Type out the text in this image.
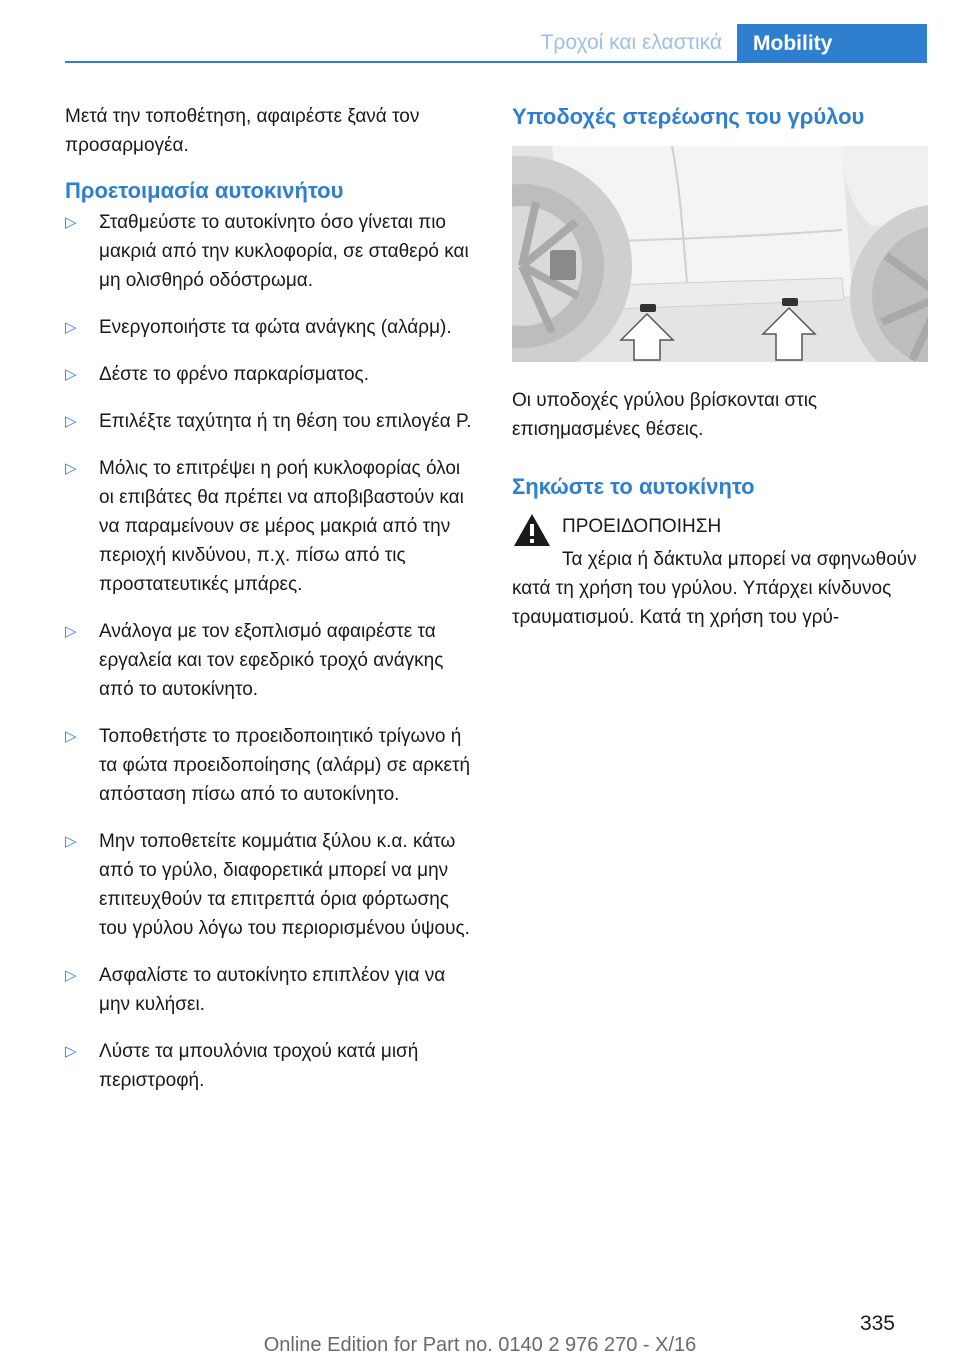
Τροχοί και ελαστικά	Mobility

Μετά την τοποθέτηση, αφαιρέστε ξανά τον προσαρμογέα.

Προετοιμασία αυτοκινήτου
▷ Σταθμεύστε το αυτοκίνητο όσο γίνεται πιο μακριά από την κυκλοφορία, σε σταθερό και μη ολισθηρό οδόστρωμα.
▷ Ενεργοποιήστε τα φώτα ανάγκης (αλάρμ).
▷ Δέστε το φρένο παρκαρίσματος.
▷ Επιλέξτε ταχύτητα ή τη θέση του επιλογέα P.
▷ Μόλις το επιτρέψει η ροή κυκλοφορίας όλοι οι επιβάτες θα πρέπει να αποβιβαστούν και να παραμείνουν σε μέρος μακριά από την περιοχή κινδύνου, π.χ. πίσω από τις προστατευτικές μπάρες.
▷ Ανάλογα με τον εξοπλισμό αφαιρέστε τα εργαλεία και τον εφεδρικό τροχό ανάγκης από το αυτοκίνητο.
▷ Τοποθετήστε το προειδοποιητικό τρίγωνο ή τα φώτα προειδοποίησης (αλάρμ) σε αρκετή απόσταση πίσω από το αυτοκίνητο.
▷ Μην τοποθετείτε κομμάτια ξύλου κ.α. κάτω από το γρύλο, διαφορετικά μπορεί να μην επιτευχθούν τα επιτρεπτά όρια φόρτωσης του γρύλου λόγω του περιορισμένου ύψους.
▷ Ασφαλίστε το αυτοκίνητο επιπλέον για να μην κυλήσει.
▷ Λύστε τα μπουλόνια τροχού κατά μισή περιστροφή.
Υποδοχές στερέωσης του γρύλου

Οι υποδοχές γρύλου βρίσκονται στις επισημασμένες θέσεις.

Σηκώστε το αυτοκίνητο
ΠΡΟΕΙΔΟΠΟΙΗΣΗ

Τα χέρια ή δάκτυλα μπορεί να σφηνωθούν κατά τη χρήση του γρύλου. Υπάρχει κίνδυνος τραυματισμού. Κατά τη χρήση του γρύ-

335
Online Edition for Part no. 0140 2 976 270 - X/16
